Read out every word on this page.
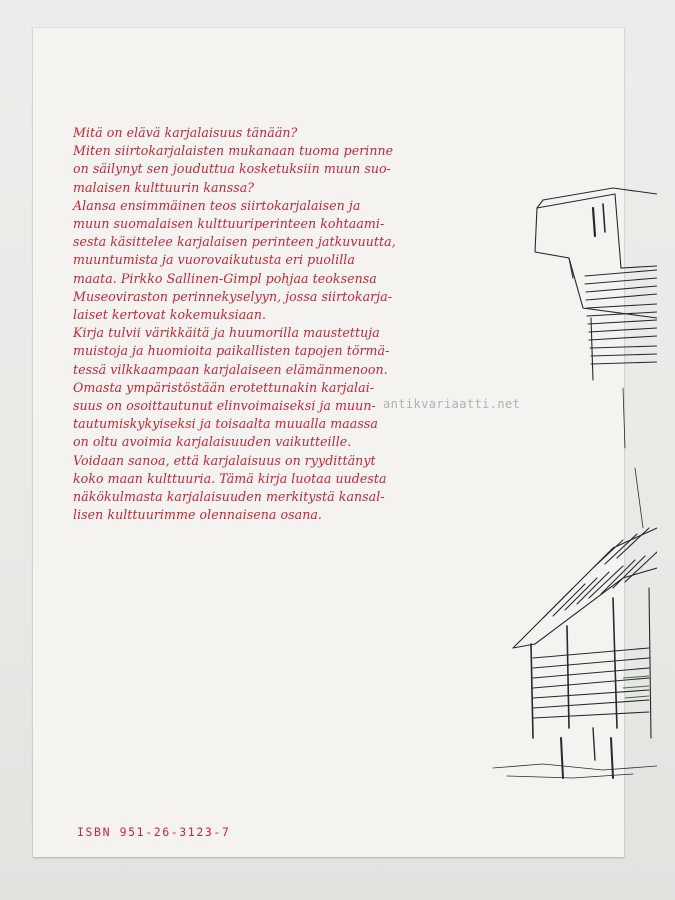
Mitä on elävä karjalaisuus tänään?
Miten siirtokarjalaisten mukanaan tuoma perinne
on säilynyt sen jouduttua kosketuksiin muun suo-
malaisen kulttuurin kanssa?
Alansa ensimmäinen teos siirtokarjalaisen ja
muun suomalaisen kulttuuriperinteen kohtaami-
sesta käsittelee karjalaisen perinteen jatkuvuutta,
muuntumista ja vuorovaikutusta eri puolilla
maata. Pirkko Sallinen-Gimpl pohjaa teoksensa
Museoviraston perinnekyselyyn, jossa siirtokarja-
laiset kertovat kokemuksiaan.
Kirja tulvii värikkäitä ja huumorilla maustettuja
muistoja ja huomioita paikallisten tapojen törmä-
tessä vilkkaampaan karjalaiseen elämänmenoon.
Omasta ympäristöstään erotettunakin karjalai-
suus on osoittautunut elinvoimaiseksi ja muun-
tautumiskykyiseksi ja toisaalta muualla maassa
on oltu avoimia karjalaisuuden vaikutteille.
Voidaan sanoa, että karjalaisuus on ryydittänyt
koko maan kulttuuria. Tämä kirja luotaa uudesta
näkökulmasta karjalaisuuden merkitystä kansal-
lisen kulttuurimme olennaisena osana.
ISBN 951-26-3123-7
antikvariaatti.net
